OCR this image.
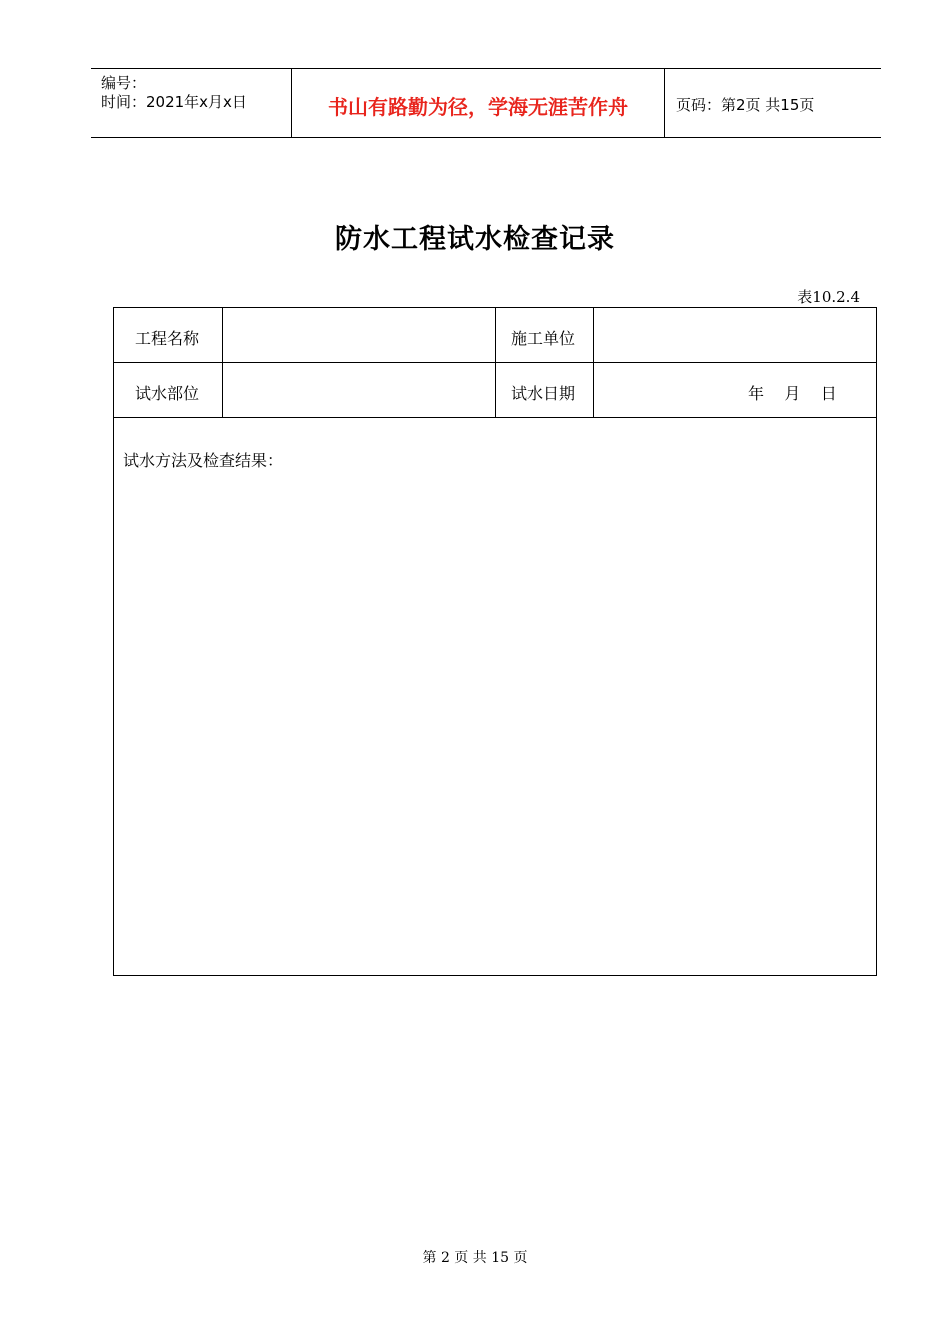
编号：
时间：2021年x月x日	书山有路勤为径，学海无涯苦作舟	页码：第2页 共15页
防水工程试水检查记录
表10.2.4
工程名称	施工单位
试水部位	试水日期	年    月    日
试水方法及检查结果：
第 2 页 共 15 页
